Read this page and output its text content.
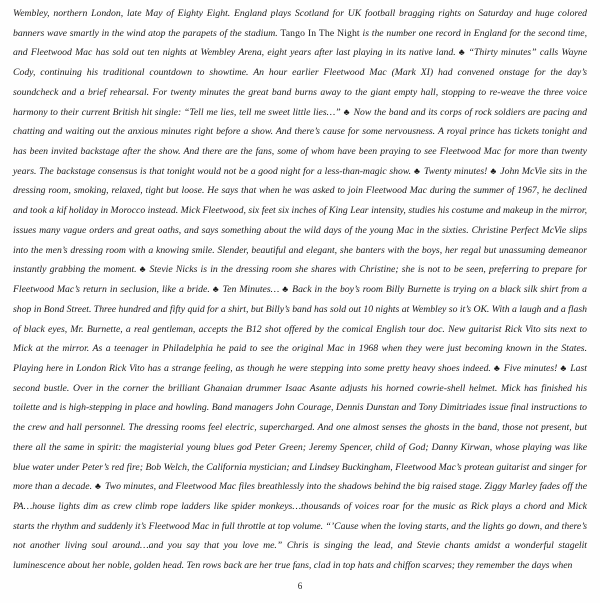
Wembley, northern London, late May of Eighty Eight. England plays Scotland for UK football bragging rights on Saturday and huge colored banners wave smartly in the wind atop the parapets of the stadium. Tango In The Night is the number one record in England for the second time, and Fleetwood Mac has sold out ten nights at Wembley Arena, eight years after last playing in its native land. ♣ “Thirty minutes” calls Wayne Cody, continuing his traditional countdown to showtime. An hour earlier Fleetwood Mac (Mark XI) had convened onstage for the day’s soundcheck and a brief rehearsal. For twenty minutes the great band burns away to the giant empty hall, stopping to re-weave the three voice harmony to their current British hit single: “Tell me lies, tell me sweet little lies…” ♣ Now the band and its corps of rock soldiers are pacing and chatting and waiting out the anxious minutes right before a show. And there’s cause for some nervousness. A royal prince has tickets tonight and has been invited backstage after the show. And there are the fans, some of whom have been praying to see Fleetwood Mac for more than twenty years. The backstage consensus is that tonight would not be a good night for a less-than-magic show. ♣ Twenty minutes! ♣ John McVie sits in the dressing room, smoking, relaxed, tight but loose. He says that when he was asked to join Fleetwood Mac during the summer of 1967, he declined and took a kif holiday in Morocco instead. Mick Fleetwood, six feet six inches of King Lear intensity, studies his costume and makeup in the mirror, issues many vague orders and great oaths, and says something about the wild days of the young Mac in the sixties. Christine Perfect McVie slips into the men’s dressing room with a knowing smile. Slender, beautiful and elegant, she banters with the boys, her regal but unassuming demeanor instantly grabbing the moment. ♣ Stevie Nicks is in the dressing room she shares with Christine; she is not to be seen, preferring to prepare for Fleetwood Mac’s return in seclusion, like a bride. ♣ Ten Minutes… ♣ Back in the boy’s room Billy Burnette is trying on a black silk shirt from a shop in Bond Street. Three hundred and fifty quid for a shirt, but Billy’s band has sold out 10 nights at Wembley so it’s OK. With a laugh and a flash of black eyes, Mr. Burnette, a real gentleman, accepts the B12 shot offered by the comical English tour doc. New guitarist Rick Vito sits next to Mick at the mirror. As a teenager in Philadelphia he paid to see the original Mac in 1968 when they were just becoming known in the States. Playing here in London Rick Vito has a strange feeling, as though he were stepping into some pretty heavy shoes indeed. ♣ Five minutes! ♣ Last second bustle. Over in the corner the brilliant Ghanaian drummer Isaac Asante adjusts his horned cowrie-shell helmet. Mick has finished his toilette and is high-stepping in place and howling. Band managers John Courage, Dennis Dunstan and Tony Dimitriades issue final instructions to the crew and hall personnel. The dressing rooms feel electric, supercharged. And one almost senses the ghosts in the band, those not present, but there all the same in spirit: the magisterial young blues god Peter Green; Jeremy Spencer, child of God; Danny Kirwan, whose playing was like blue water under Peter’s red fire; Bob Welch, the California mystician; and Lindsey Buckingham, Fleetwood Mac’s protean guitarist and singer for more than a decade. ♣ Two minutes, and Fleetwood Mac files breathlessly into the shadows behind the big raised stage. Ziggy Marley fades off the PA…house lights dim as crew climb rope ladders like spider monkeys…thousands of voices roar for the music as Rick plays a chord and Mick starts the rhythm and suddenly it’s Fleetwood Mac in full throttle at top volume. “’Cause when the loving starts, and the lights go down, and there’s not another living soul around…and you say that you love me.” Chris is singing the lead, and Stevie chants amidst a wonderful stagelit luminescence about her noble, golden head. Ten rows back are her true fans, clad in top hats and chiffon scarves; they remember the days when

6
